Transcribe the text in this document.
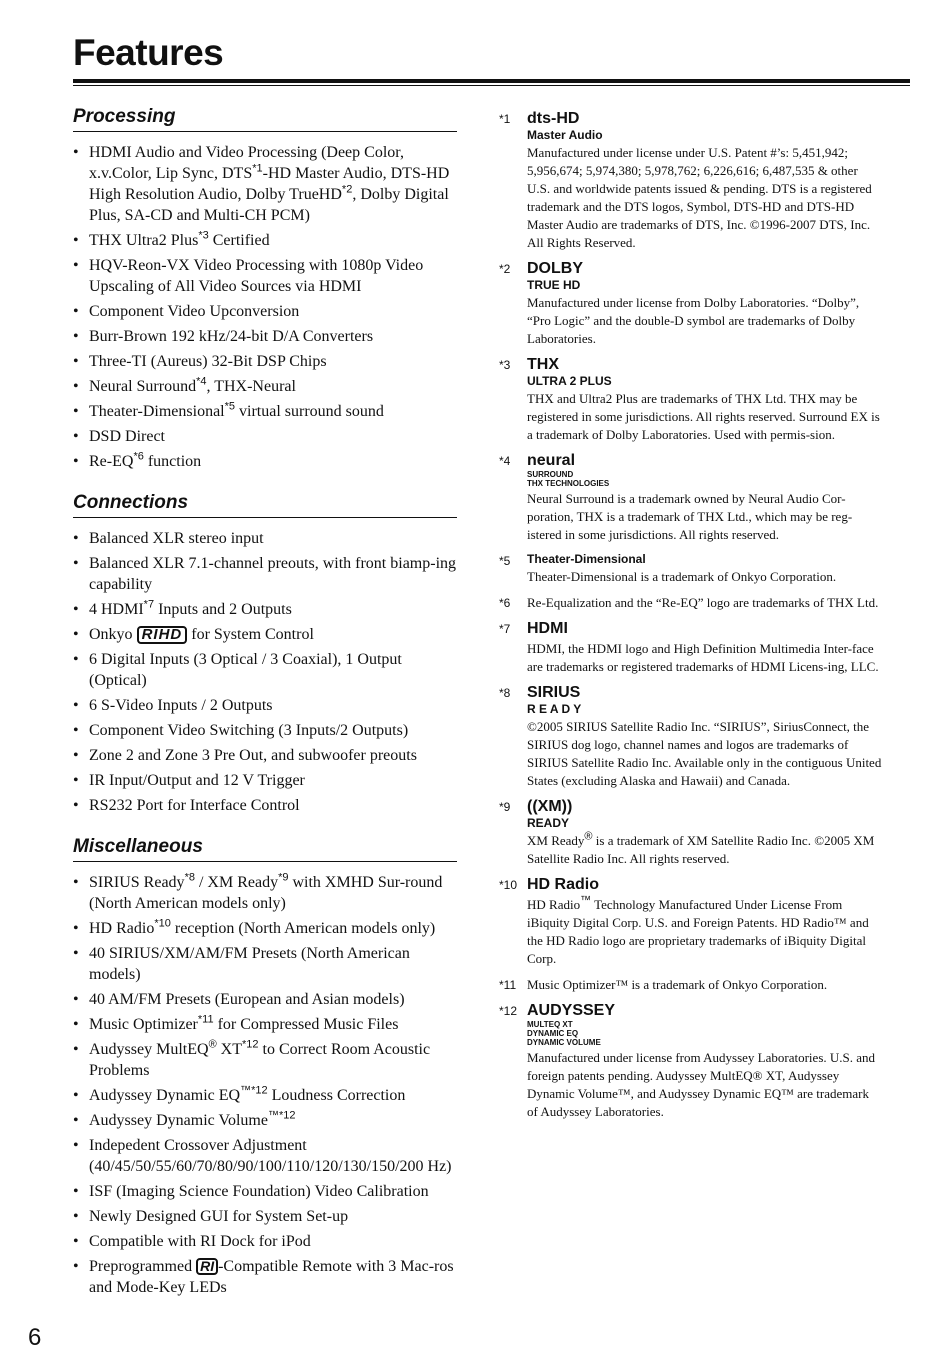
Features
Processing
• HDMI Audio and Video Processing (Deep Color, x.v.Color, Lip Sync, DTS$^{*1}$-HD Master Audio, DTS-HD High Resolution Audio, Dolby TrueHD$^{*2}$, Dolby Digital Plus, SA-CD and Multi-CH PCM)
• THX Ultra2 Plus$^{*3}$ Certified
• HQV-Reon-VX Video Processing with 1080p Video Upscaling of All Video Sources via HDMI
• Component Video Upconversion
• Burr-Brown 192 kHz/24-bit D/A Converters
• Three-TI (Aureus) 32-Bit DSP Chips
• Neural Surround$^{*4}$, THX-Neural
• Theater-Dimensional$^{*5}$ virtual surround sound
• DSD Direct
• Re-EQ$^{*6}$ function
Connections
• Balanced XLR stereo input
• Balanced XLR 7.1-channel preouts, with front biamp-ing capability
• 4 HDMI$^{*7}$ Inputs and 2 Outputs
• Onkyo RIHD for System Control
• 6 Digital Inputs (3 Optical / 3 Coaxial), 1 Output (Optical)
• 6 S-Video Inputs / 2 Outputs
• Component Video Switching (3 Inputs/2 Outputs)
• Zone 2 and Zone 3 Pre Out, and subwoofer preouts
• IR Input/Output and 12 V Trigger
• RS232 Port for Interface Control
Miscellaneous
• SIRIUS Ready$^{*8}$ / XM Ready$^{*9}$ with XMHD Sur-round (North American models only)
• HD Radio$^{*10}$ reception (North American models only)
• 40 SIRIUS/XM/AM/FM Presets (North American models)
• 40 AM/FM Presets (European and Asian models)
• Music Optimizer$^{*11}$ for Compressed Music Files
• Audyssey MultEQ® XT$^{*12}$ to Correct Room Acoustic Problems
• Audyssey Dynamic $EQ^{™*12}$ Loudness Correction
• Audyssey Dynamic Volume$^{™*12}$
• Indepedent Crossover Adjustment (40/45/50/55/60/70/80/90/100/110/120/130/150/200 Hz)
• ISF (Imaging Science Foundation) Video Calibration
• Newly Designed GUI for System Set-up
• Compatible with RI Dock for iPod
• Preprogrammed RI -Compatible Remote with 3 Mac-ros and Mode-Key LEDs
*1 dts-HD
Master Audio
Manufactured under license under U.S. Patent #’s: 5,451,942; 5,956,674; 5,974,380; 5,978,762; 6,226,616; 6,487,535 & other U.S. and worldwide patents issued & pending. DTS is a registered trademark and the DTS logos, Symbol, DTS-HD and DTS-HD Master Audio are trademarks of DTS, Inc. ©1996-2007 DTS, Inc. All Rights Reserved.
*2 DOLBY
TRUE HD
Manufactured under license from Dolby Laboratories. “Dolby”, “Pro Logic” and the double-D symbol are trademarks of Dolby Laboratories.
*3 THX
ULTRA 2 PLUS
THX and Ultra2 Plus are trademarks of THX Ltd. THX may be registered in some jurisdictions. All rights reserved. Surround EX is a trademark of Dolby Laboratories. Used with permis-sion.
*4 neural
SURROUND
THX TECHNOLOGIES
Neural Surround is a trademark owned by Neural Audio Cor-poration, THX is a trademark of THX Ltd., which may be reg-istered in some jurisdictions. All rights reserved.
*5 Theater-Dimensional
Theater-Dimensional is a trademark of Onkyo Corporation.
*6 Re-Equalization and the “Re-EQ” logo are trademarks of THX Ltd.
*7 HDMI
HDMI, the HDMI logo and High Definition Multimedia Inter-face are trademarks or registered trademarks of HDMI Licens-ing, LLC.
*8 SIRIUS
R E A D Y
©2005 SIRIUS Satellite Radio Inc. “SIRIUS”, SiriusConnect, the SIRIUS dog logo, channel names and logos are trademarks of SIRIUS Satellite Radio Inc. Available only in the contiguous United States (excluding Alaska and Hawaii) and Canada.
*9 ((XM))
READY
XM Ready® is a trademark of XM Satellite Radio Inc. ©2005 XM Satellite Radio Inc. All rights reserved.
*10 HD Radio
HD Radio™ Technology Manufactured Under License From iBiquity Digital Corp. U.S. and Foreign Patents. HD Radio™ and the HD Radio logo are proprietary trademarks of iBiquity Digital Corp.
*11 Music Optimizer™ is a trademark of Onkyo Corporation.
*12 AUDYSSEY
MULTEQ XT
DYNAMIC EQ
DYNAMIC VOLUME
Manufactured under license from Audyssey Laboratories. U.S. and foreign patents pending. Audyssey MultEQ® XT, Audyssey Dynamic Volume™, and Audyssey Dynamic EQ™ are trademark of Audyssey Laboratories.
6
